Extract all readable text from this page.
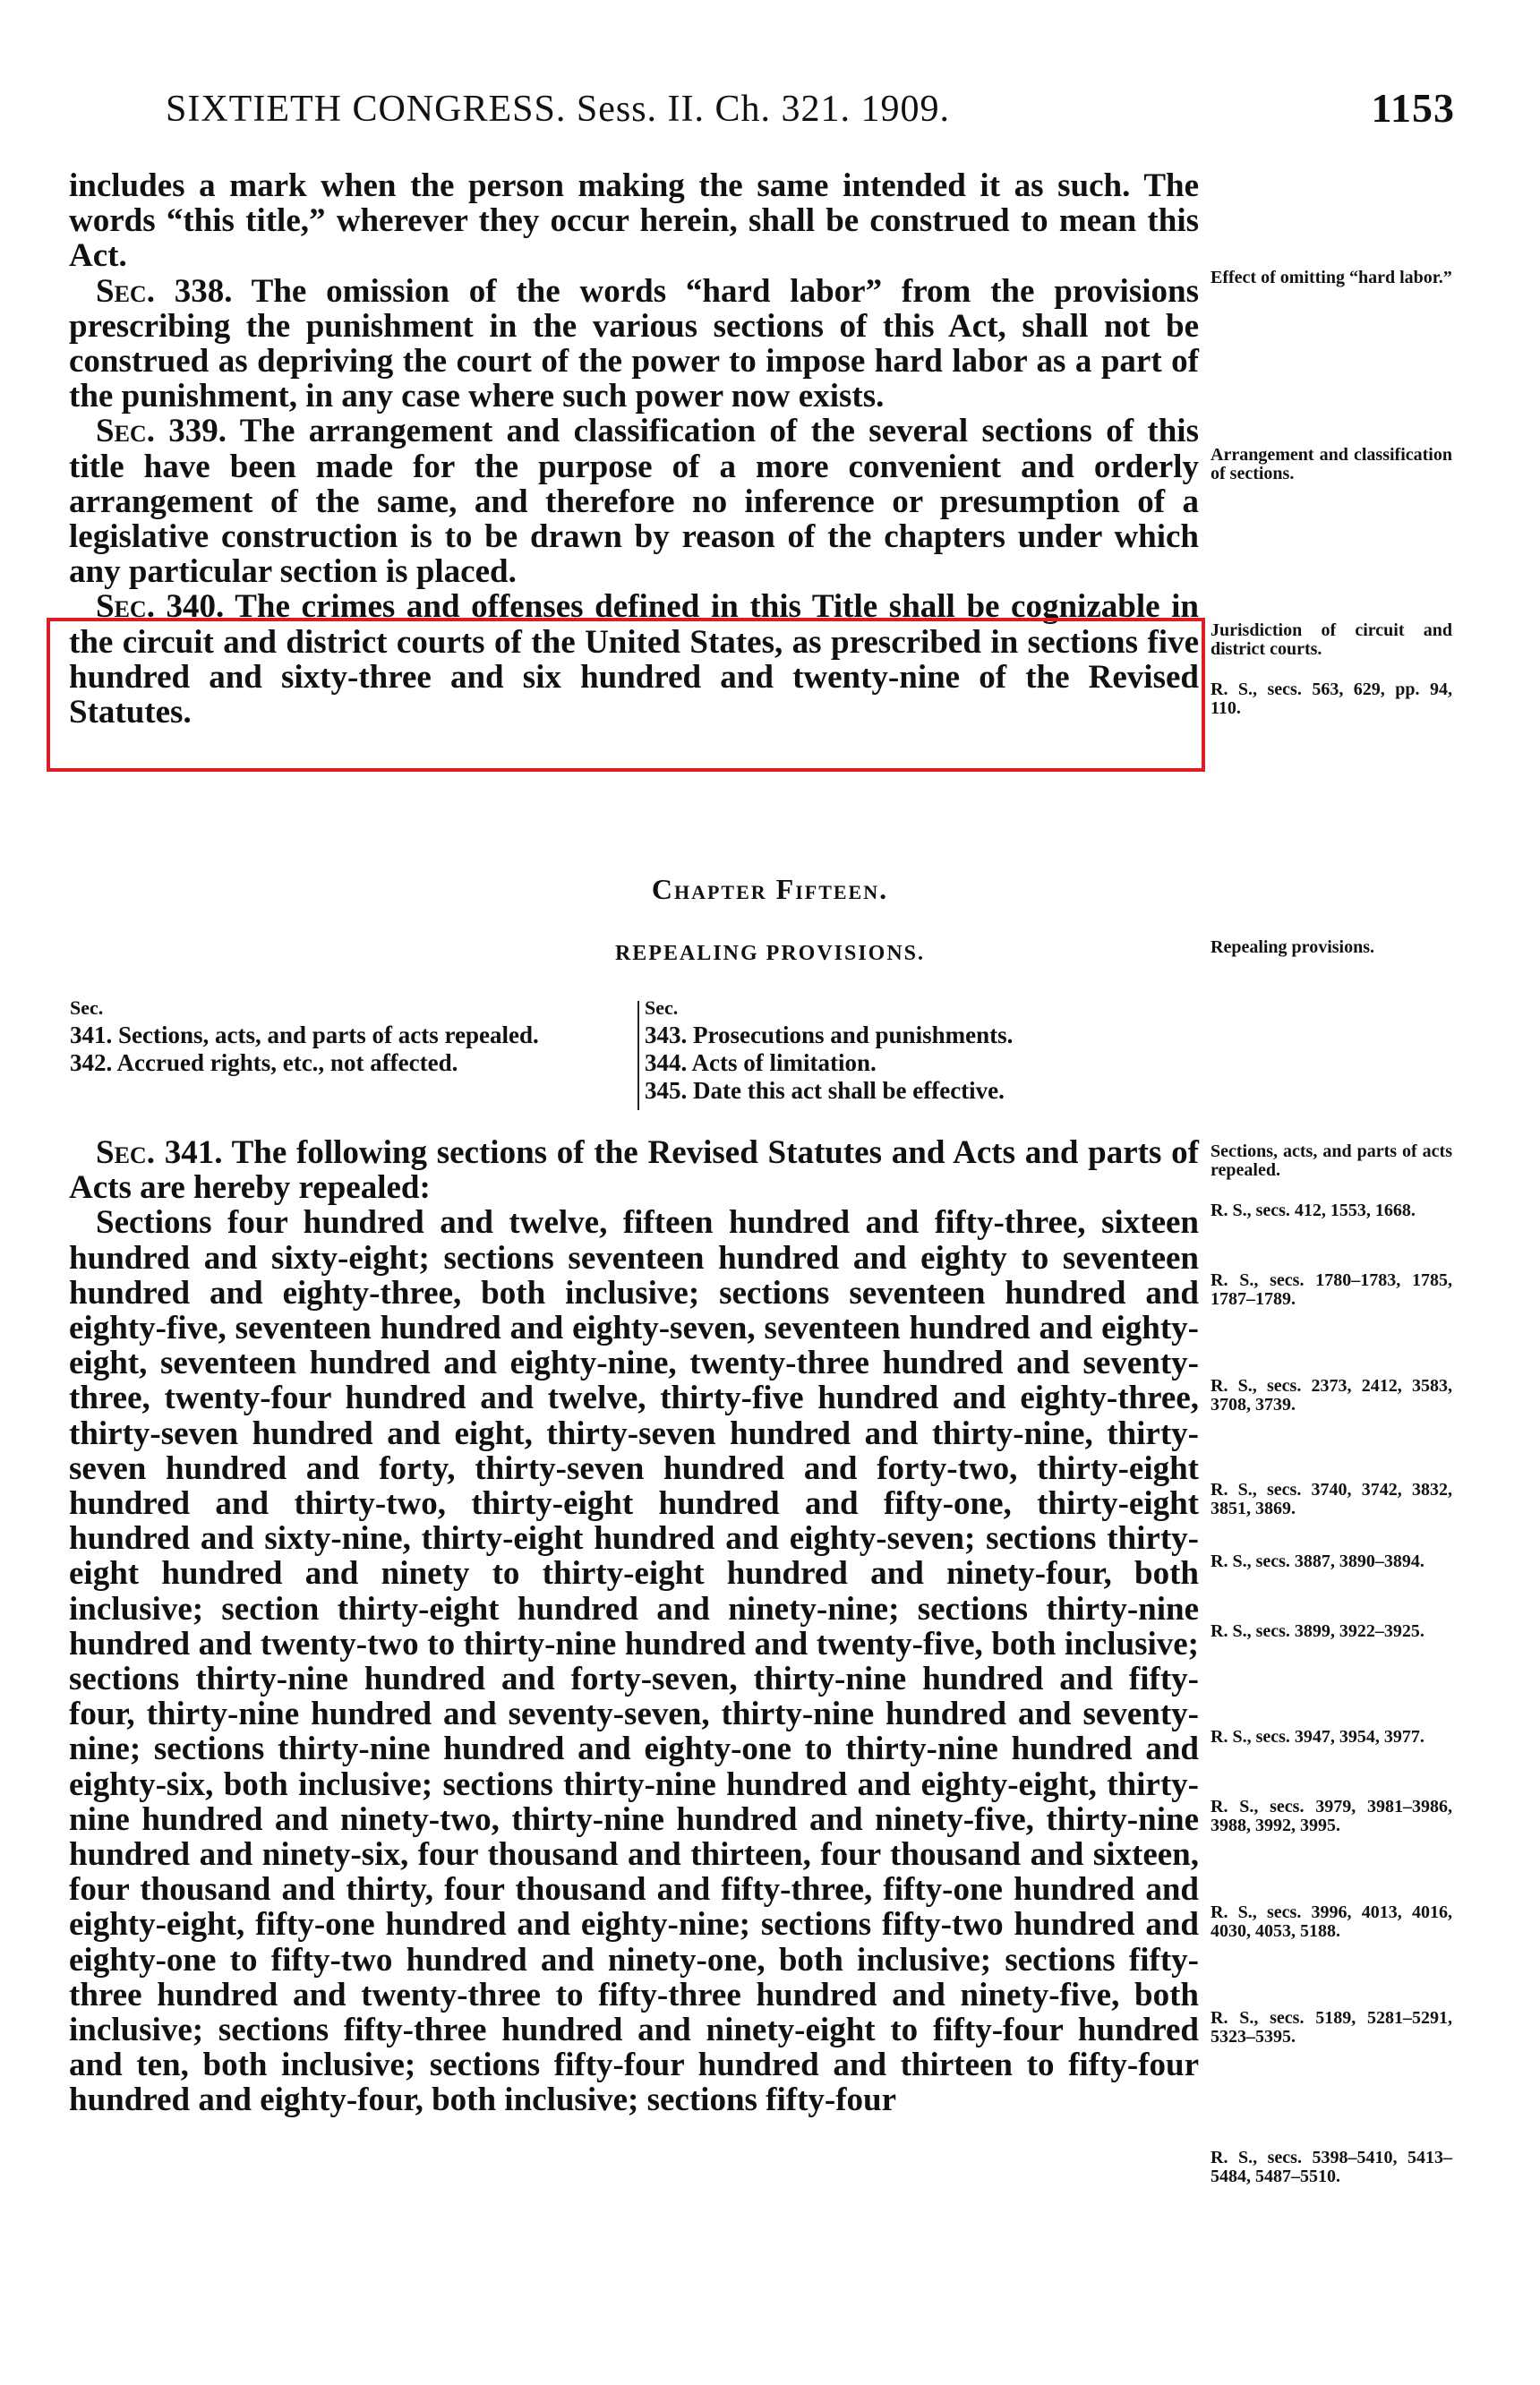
SIXTIETH CONGRESS. Sess. II. Ch. 321. 1909.	1153

includes a mark when the person making the same intended it as such. The words “this title,” wherever they occur herein, shall be construed to mean this Act.

Sec. 338. The omission of the words “hard labor” from the provisions prescribing the punishment in the various sections of this Act, shall not be construed as depriving the court of the power to impose hard labor as a part of the punishment, in any case where such power now exists.

Sec. 339. The arrangement and classification of the several sections of this title have been made for the purpose of a more convenient and orderly arrangement of the same, and therefore no inference or presumption of a legislative construction is to be drawn by reason of the chapters under which any particular section is placed.

Sec. 340. The crimes and offenses defined in this Title shall be cognizable in the circuit and district courts of the United States, as prescribed in sections five hundred and sixty-three and six hundred and twenty-nine of the Revised Statutes.

Effect of omitting “hard labor.”
Arrangement and classification of sections.
Jurisdiction of circuit and district courts.
R. S., secs. 563, 629, pp. 94, 110.
Chapter Fifteen.
REPEALING PROVISIONS.	Repealing provisions.
Sec.
341. Sections, acts, and parts of acts repealed.
342. Accrued rights, etc., not affected.
Sec.
343. Prosecutions and punishments.
344. Acts of limitation.
345. Date this act shall be effective.

Sec. 341. The following sections of the Revised Statutes and Acts and parts of Acts are hereby repealed:

Sections four hundred and twelve, fifteen hundred and fifty-three, sixteen hundred and sixty-eight; sections seventeen hundred and eighty to seventeen hundred and eighty-three, both inclusive; sections seventeen hundred and eighty-five, seventeen hundred and eighty-seven, seventeen hundred and eighty-eight, seventeen hundred and eighty-nine, twenty-three hundred and seventy-three, twenty-four hundred and twelve, thirty-five hundred and eighty-three, thirty-seven hundred and eight, thirty-seven hundred and thirty-nine, thirty-seven hundred and forty, thirty-seven hundred and forty-two, thirty-eight hundred and thirty-two, thirty-eight hundred and fifty-one, thirty-eight hundred and sixty-nine, thirty-eight hundred and eighty-seven; sections thirty-eight hundred and ninety to thirty-eight hundred and ninety-four, both inclusive; section thirty-eight hundred and ninety-nine; sections thirty-nine hundred and twenty-two to thirty-nine hundred and twenty-five, both inclusive; sections thirty-nine hundred and forty-seven, thirty-nine hundred and fifty-four, thirty-nine hundred and seventy-seven, thirty-nine hundred and seventy-nine; sections thirty-nine hundred and eighty-one to thirty-nine hundred and eighty-six, both inclusive; sections thirty-nine hundred and eighty-eight, thirty-nine hundred and ninety-two, thirty-nine hundred and ninety-five, thirty-nine hundred and ninety-six, four thousand and thirteen, four thousand and sixteen, four thousand and thirty, four thousand and fifty-three, fifty-one hundred and eighty-eight, fifty-one hundred and eighty-nine; sections fifty-two hundred and eighty-one to fifty-two hundred and ninety-one, both inclusive; sections fifty-three hundred and twenty-three to fifty-three hundred and ninety-five, both inclusive; sections fifty-three hundred and ninety-eight to fifty-four hundred and ten, both inclusive; sections fifty-four hundred and thirteen to fifty-four hundred and eighty-four, both inclusive; sections fifty-four

Sections, acts, and parts of acts repealed.
R. S., secs. 412, 1553, 1668.
R. S., secs. 1780–1783, 1785, 1787–1789.
R. S., secs. 2373, 2412, 3583, 3708, 3739.
R. S., secs. 3740, 3742, 3832, 3851, 3869.
R. S., secs. 3887, 3890–3894.
R. S., secs. 3899, 3922–3925.
R. S., secs. 3947, 3954, 3977.
R. S., secs. 3979, 3981–3986, 3988, 3992, 3995.
R. S., secs. 3996, 4013, 4016, 4030, 4053, 5188.
R. S., secs. 5189, 5281–5291, 5323–5395.
R. S., secs. 5398–5410, 5413–5484, 5487–5510.
